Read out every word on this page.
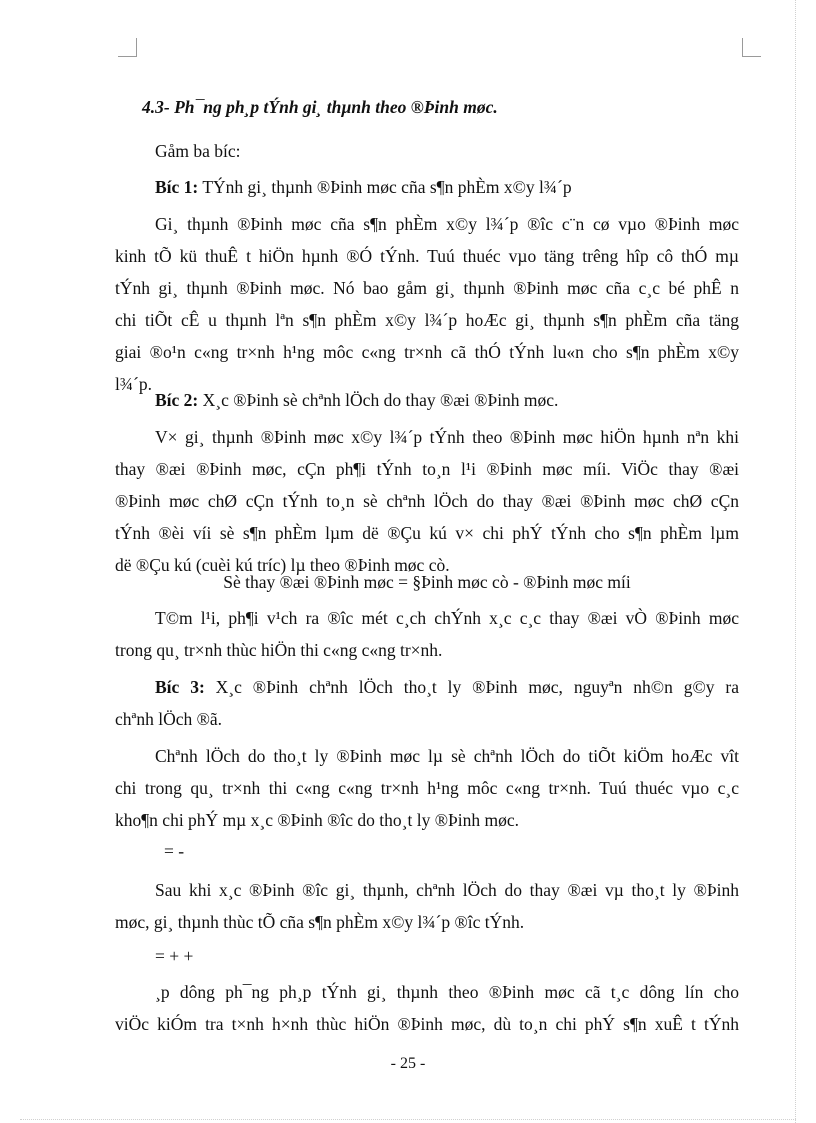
4.3- Ph¯ng ph¸p tÝnh gi¸ thµnh theo ®Þinh møc.
Gåm ba bíc:
Bíc 1: TÝnh gi¸ thµnh ®Þinh møc cña s¶n phÈm x©y l¾´p
Gi¸ thµnh ®Þinh møc cña s¶n phÈm x©y l¾´p ®îc c¨n cø vµo ®Þinh møc
kinh tÕ kü thuÊ t hiÖn hµnh ®Ó tÝnh. Tuú thuéc vµo täng trêng hîp cô thÓ mµ
tÝnh gi¸ thµnh ®Þinh møc. Nó bao gåm gi¸ thµnh ®Þinh møc cña c¸c bé phÊ n
chi tiÕt cÊ u thµnh lªn s¶n phÈm x©y l¾´p hoÆc gi¸ thµnh s¶n phÈm cña täng
giai ®o¹n c«ng tr×nh h¹ng môc c«ng tr×nh cã thÓ tÝnh lu«n cho s¶n phÈm x©y
l¾´p.
Bíc 2: X¸c ®Þinh sè chªnh lÖch do thay ®æi ®Þinh møc.
V× gi¸ thµnh ®Þinh møc x©y l¾´p tÝnh theo ®Þinh møc hiÖn hµnh nªn khi
thay ®æi ®Þinh møc, cÇn ph¶i tÝnh to¸n l¹i ®Þinh møc míi. ViÖc thay ®æi
®Þinh møc chØ cÇn tÝnh to¸n sè chªnh lÖch do thay ®æi ®Þinh møc chØ cÇn
tÝnh ®èi víi sè s¶n phÈm lµm dë ®Çu kú v× chi phÝ tÝnh cho s¶n phÈm lµm
dë ®Çu kú (cuèi kú tríc) lµ theo ®Þinh møc cò.
Sè thay ®æi ®Þinh møc = §Þinh møc cò - ®Þinh møc míi
T©m l¹i, ph¶i v¹ch ra ®îc mét c¸ch chÝnh x¸c c¸c thay ®æi vÒ ®Þinh møc
trong qu¸ tr×nh thùc hiÖn thi c«ng c«ng tr×nh.
Bíc 3: X¸c ®Þinh chªnh lÖch tho¸t ly ®Þinh møc, nguyªn nh©n g©y ra
chªnh lÖch ®ã.
Chªnh lÖch do tho¸t ly ®Þinh møc lµ sè chªnh lÖch do tiÕt kiÖm hoÆc vît
chi trong qu¸ tr×nh thi c«ng c«ng tr×nh h¹ng môc c«ng tr×nh. Tuú thuéc vµo c¸c
kho¶n chi phÝ mµ x¸c ®Þinh ®îc do tho¸t ly ®Þinh møc.
= -
Sau khi x¸c ®Þinh ®îc gi¸ thµnh, chªnh lÖch do thay ®æi vµ tho¸t ly ®Þinh
møc, gi¸ thµnh thùc tÕ cña s¶n phÈm x©y l¾´p ®îc tÝnh.
= + +
¸p dông ph¯ng ph¸p tÝnh gi¸ thµnh theo ®Þinh møc cã t¸c dông lín cho
viÖc kiÓm tra t×nh h×nh thùc hiÖn ®Þinh møc, dù to¸n chi phÝ s¶n xuÊ t tÝnh
- 25 -
